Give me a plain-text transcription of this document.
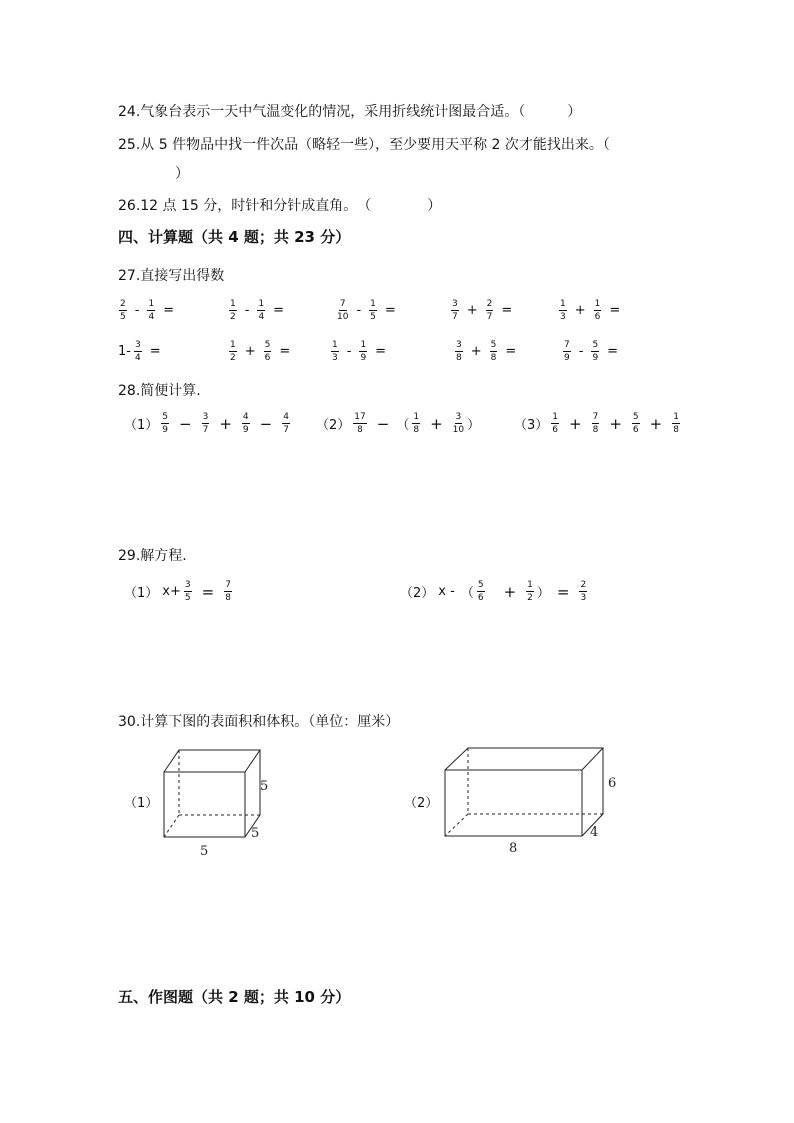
24.气象台表示一天中气温变化的情况，采用折线统计图最合适。（　　　）
25.从 5 件物品中找一件次品（略轻一些），至少要用天平称 2 次才能找出来。（
）
26.12 点 15 分，时针和分针成直角。　（　　　　）
四、计算题（共 4 题；共 23 分）
27.直接写出得数
$\frac{2}{5} - \frac{1}{4}$ =	$\frac{1}{2} - \frac{1}{4}$ =	$\frac{7}{10} - \frac{1}{5}$ =	$\frac{3}{7} + \frac{2}{7}$ =	$\frac{1}{3} + \frac{1}{6}$ =
$1- \frac{3}{4}$ =	$\frac{1}{2} + \frac{5}{6}$ =	$\frac{1}{3} - \frac{1}{9}$ =	$\frac{3}{8} + \frac{5}{8}$ =	$\frac{7}{9} - \frac{5}{9}$ =
28.简便计算.
$(1) \frac{5}{9} - \frac{3}{7} + \frac{4}{9} - \frac{4}{7} (2) \frac{17}{8}$ − （ $\frac{1}{8} + \frac{3}{10}$ ）	$(3) \frac{1}{6} + \frac{7}{8} + \frac{5}{6} + \frac{1}{8}$
29.解方程.
（1） $x+ \frac{3}{5} = \frac{7}{8}$	（2） x - （ $\frac{5}{6} + \frac{1}{2}$ ） = $\frac{2}{3}$
30.计算下图的表面积和体积。（单位：厘米）
（1）
5
5
5
（2）
6
4
8
五、作图题（共 2 题；共 10 分）
